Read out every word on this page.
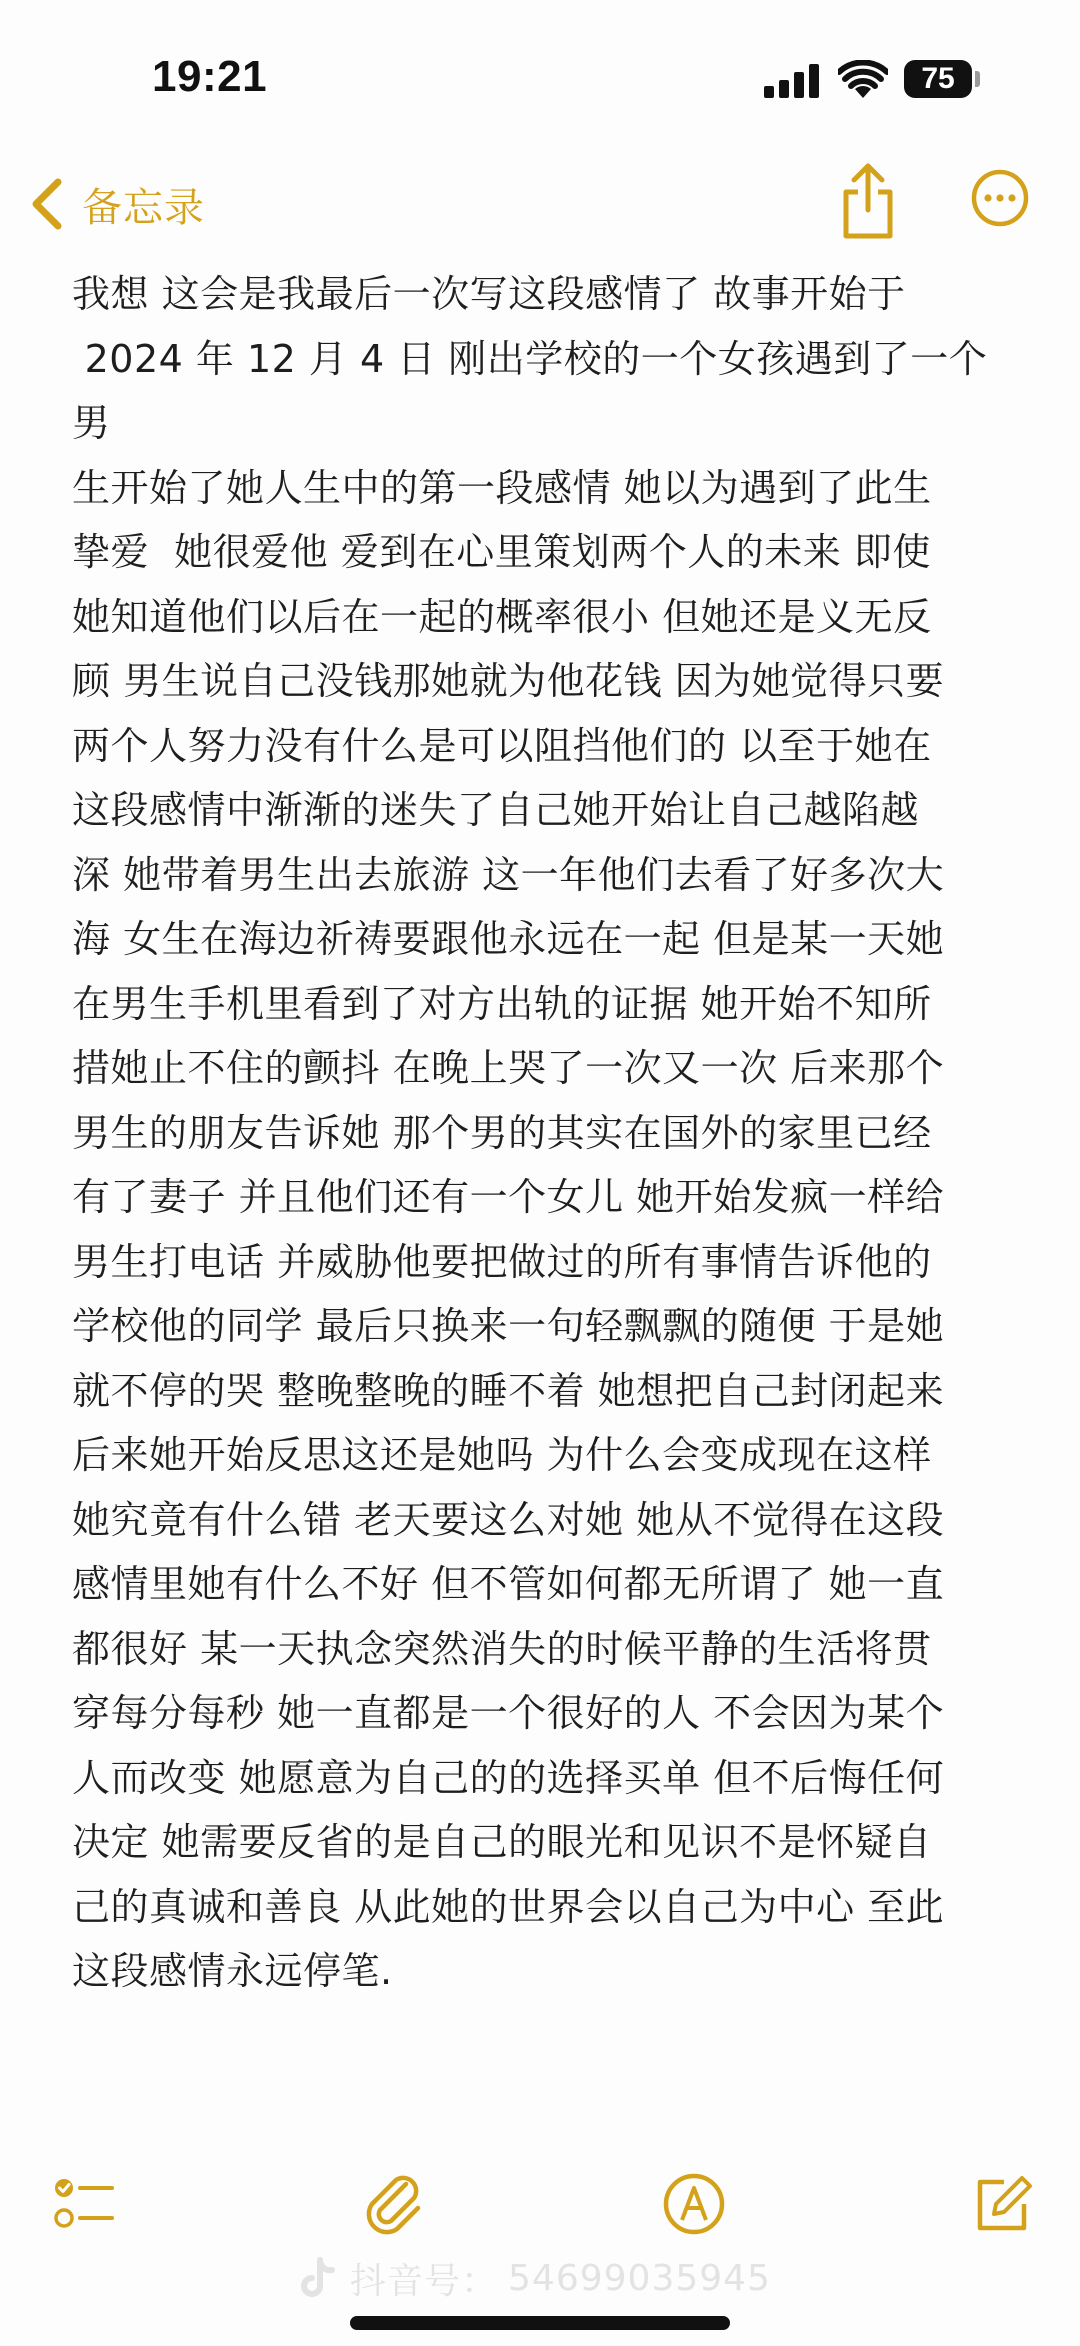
19:21	75
备忘录
我想 这会是我最后一次写这段感情了 故事开始于
2024 年 12 月 4 日 刚出学校的一个女孩遇到了一个男
生开始了她人生中的第一段感情 她以为遇到了此生
挚爱  她很爱他 爱到在心里策划两个人的未来 即使
她知道他们以后在一起的概率很小 但她还是义无反
顾 男生说自己没钱那她就为他花钱 因为她觉得只要
两个人努力没有什么是可以阻挡他们的 以至于她在
这段感情中渐渐的迷失了自己她开始让自己越陷越
深 她带着男生出去旅游 这一年他们去看了好多次大
海 女生在海边祈祷要跟他永远在一起 但是某一天她
在男生手机里看到了对方出轨的证据 她开始不知所
措她止不住的颤抖 在晚上哭了一次又一次 后来那个
男生的朋友告诉她 那个男的其实在国外的家里已经
有了妻子 并且他们还有一个女儿 她开始发疯一样给
男生打电话 并威胁他要把做过的所有事情告诉他的
学校他的同学 最后只换来一句轻飘飘的随便 于是她
就不停的哭 整晚整晚的睡不着 她想把自己封闭起来
后来她开始反思这还是她吗 为什么会变成现在这样
她究竟有什么错 老天要这么对她 她从不觉得在这段
感情里她有什么不好 但不管如何都无所谓了 她一直
都很好 某一天执念突然消失的时候平静的生活将贯
穿每分每秒 她一直都是一个很好的人 不会因为某个
人而改变 她愿意为自己的的选择买单 但不后悔任何
决定 她需要反省的是自己的眼光和见识不是怀疑自
己的真诚和善良 从此她的世界会以自己为中心 至此
这段感情永远停笔.
抖音号： 54699035945
